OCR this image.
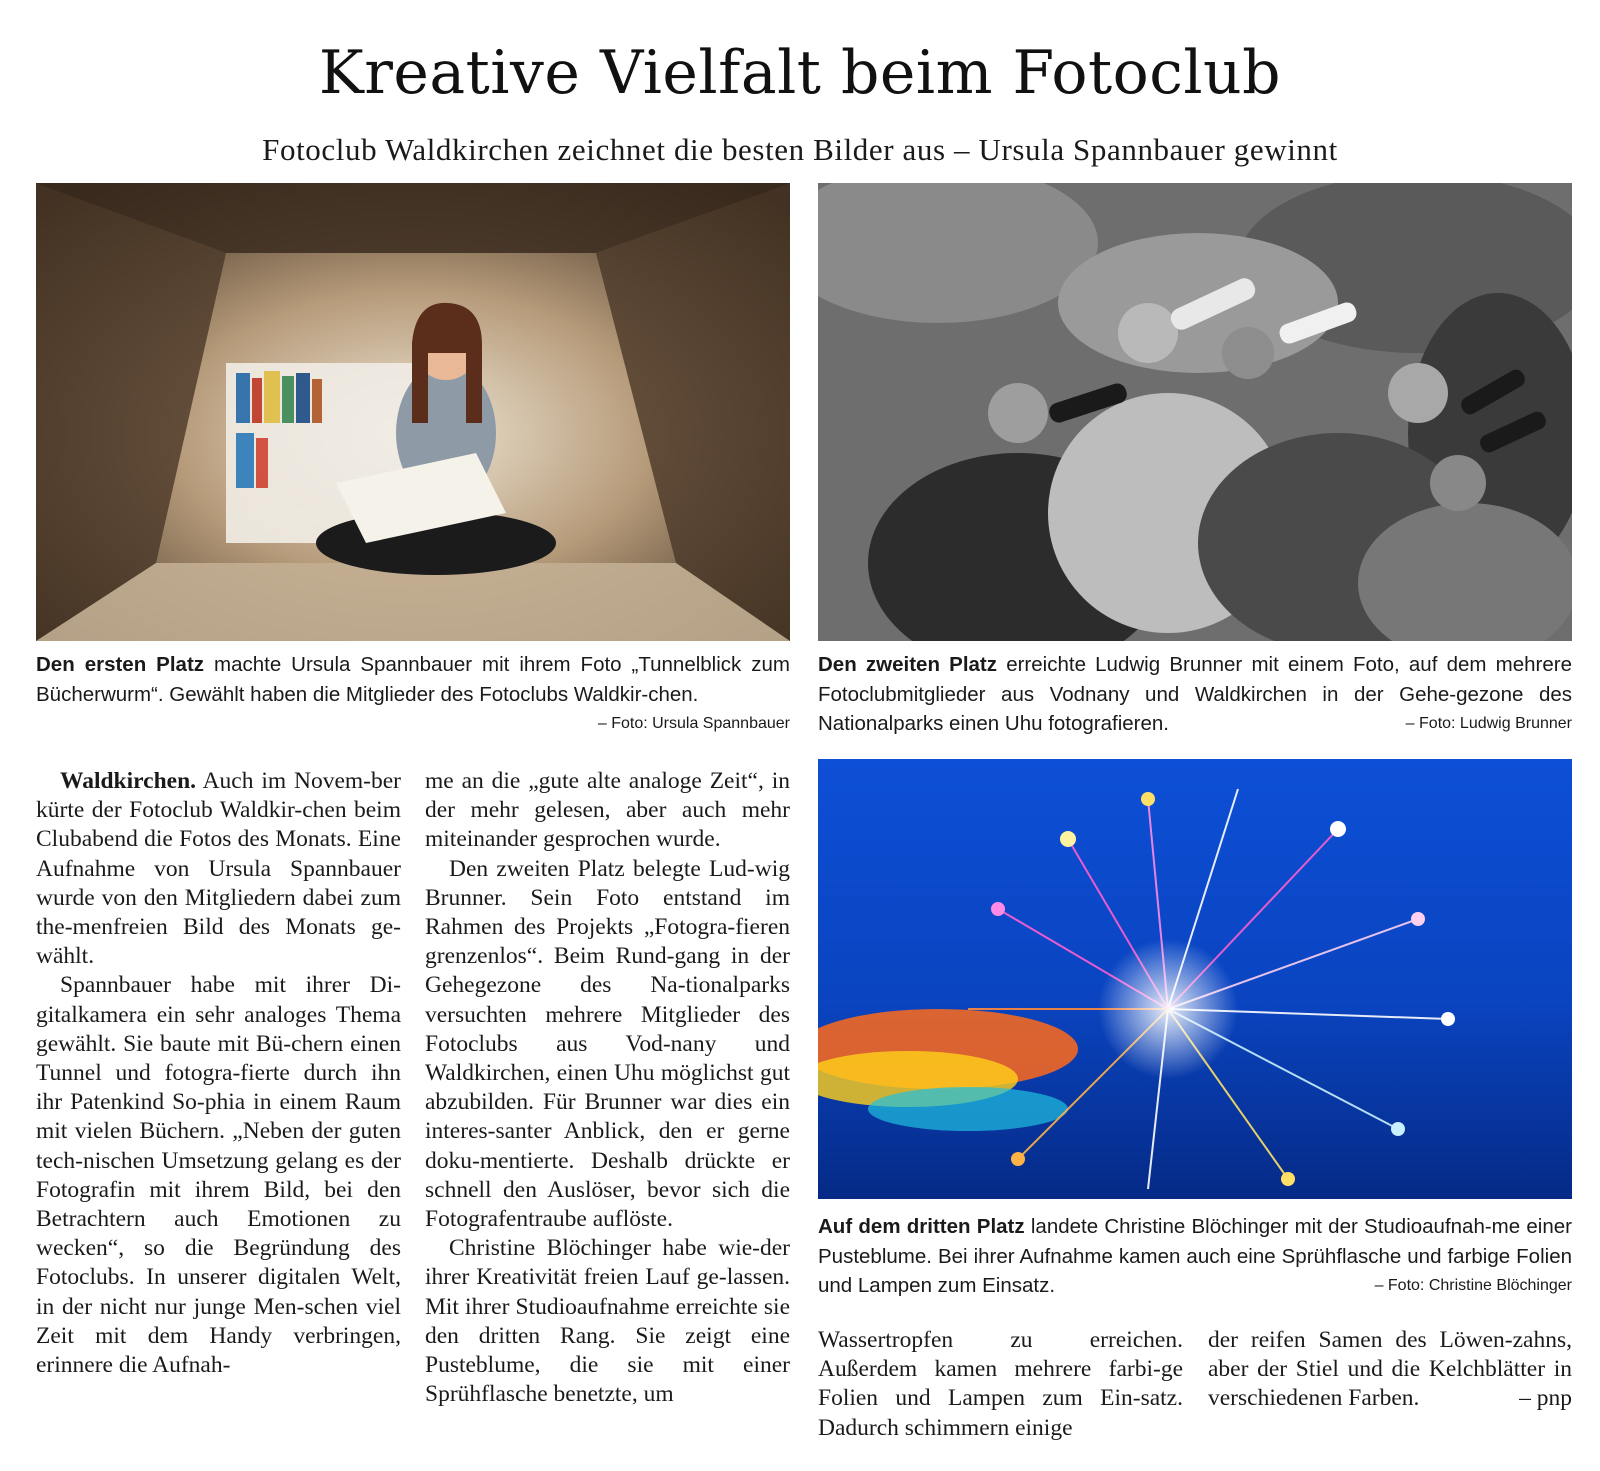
Kreative Vielfalt beim Fotoclub
Fotoclub Waldkirchen zeichnet die besten Bilder aus – Ursula Spannbauer gewinnt
Den ersten Platz machte Ursula Spannbauer mit ihrem Foto „Tunnelblick zum Bücherwurm“. Gewählt haben die Mitglieder des Fotoclubs Waldkir-chen.
– Foto: Ursula Spannbauer
Den zweiten Platz erreichte Ludwig Brunner mit einem Foto, auf dem mehrere Fotoclubmitglieder aus Vodnany und Waldkirchen in der Gehe-gezone des Nationalparks einen Uhu fotografieren.	– Foto: Ludwig Brunner
Auf dem dritten Platz landete Christine Blöchinger mit der Studioaufnah-me einer Pusteblume. Bei ihrer Aufnahme kamen auch eine Sprühflasche und farbige Folien und Lampen zum Einsatz.	– Foto: Christine Blöchinger

Waldkirchen. Auch im Novem-ber kürte der Fotoclub Waldkir-chen beim Clubabend die Fotos des Monats. Eine Aufnahme von Ursula Spannbauer wurde von den Mitgliedern dabei zum the-menfreien Bild des Monats ge-wählt.

Spannbauer habe mit ihrer Di-gitalkamera ein sehr analoges Thema gewählt. Sie baute mit Bü-chern einen Tunnel und fotogra-fierte durch ihn ihr Patenkind So-phia in einem Raum mit vielen Büchern. „Neben der guten tech-nischen Umsetzung gelang es der Fotografin mit ihrem Bild, bei den Betrachtern auch Emotionen zu wecken“, so die Begründung des Fotoclubs. In unserer digitalen Welt, in der nicht nur junge Men-schen viel Zeit mit dem Handy verbringen, erinnere die Aufnah-

me an die „gute alte analoge Zeit“, in der mehr gelesen, aber auch mehr miteinander gesprochen wurde.

Den zweiten Platz belegte Lud-wig Brunner. Sein Foto entstand im Rahmen des Projekts „Fotogra-fieren grenzenlos“. Beim Rund-gang in der Gehegezone des Na-tionalparks versuchten mehrere Mitglieder des Fotoclubs aus Vod-nany und Waldkirchen, einen Uhu möglichst gut abzubilden. Für Brunner war dies ein interes-santer Anblick, den er gerne doku-mentierte. Deshalb drückte er schnell den Auslöser, bevor sich die Fotografentraube auflöste.

Christine Blöchinger habe wie-der ihrer Kreativität freien Lauf ge-lassen. Mit ihrer Studioaufnahme erreichte sie den dritten Rang. Sie zeigt eine Pusteblume, die sie mit einer Sprühflasche benetzte, um

Wassertropfen zu erreichen. Außerdem kamen mehrere farbi-ge Folien und Lampen zum Ein-satz. Dadurch schimmern einige

der reifen Samen des Löwen-zahns, aber der Stiel und die Kelchblätter in verschiedenen Farben.	– pnp
